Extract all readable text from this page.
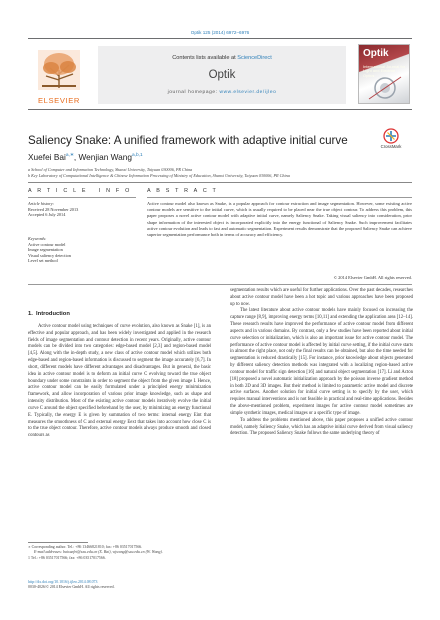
Optik 125 (2014) 6972–6976
ELSEVIER
Contents lists available at ScienceDirect
Optik
journal homepage: www.elsevier.de/ijleo
Optik
International Journal for Light and Electron Optics
Saliency Snake: A unified framework with adaptive initial curve	CrossMark
Xuefei Bai$^{a,∗}$, Wenjian Wang$^{a,b,1}$
a School of Computer and Information Technology, Shanxi University, Taiyuan 030006, PR China
b Key Laboratory of Computational Intelligence & Chinese Information Processing of Ministry of Education, Shanxi University, Taiyuan 030006, PR China
A R T I C L E   I N F O	A B S T R A C T
Article history:
Received 28 November 2013
Accepted 6 July 2014
Keywords:
Active contour model
Image segmentation
Visual saliency detection
Level set method
Active contour model also known as Snake, is a popular approach for contour extraction and image segmentation. However, some existing active contour models are sensitive to the initial curve, which is usually required to be placed near the true object contour. To address this problem, this paper proposes a novel active contour model with adaptive initial curve, namely Saliency Snake. Taking visual saliency into consideration, prior shape information of the interested object is incorporated explicitly into the energy functional of Saliency Snake. Such improvement facilitates active contour evolution and leads to fast and automatic segmentation. Experiment results demonstrate that the proposed Saliency Snake can achieve superior segmentation performance both in terms of accuracy and efficiency.
© 2014 Elsevier GmbH. All rights reserved.
1.  Introduction
Active contour model using techniques of curve evolution, also known as Snake [1], is an effective and popular approach, and has been widely investigated and applied in the research fields of image segmentation and contour detection in recent years. Originally, active contour models can be divided into two categories: edge-based model [2,3] and region-based model [4,5]. Along with the in-depth study, a new class of active contour model which utilizes both edge-based and region-based information is discussed to segment the image accurately [6,7]. In short, different models have different advantages and disadvantages. But in general, the basic idea in active contour model is to deform an initial curve C evolving toward the true object boundary under some constraints in order to segment the object from the given image I. Hence, active contour model can be easily formulated under a principled energy minimization framework, and allow incorporation of various prior image knowledge, such as shape and intensity distribution. Most of the existing active contour models iteratively evolve the initial curve C around the object specified beforehand by the user, by minimizing an energy functional E. Typically, the energy E is given by summation of two terms: internal energy Eint that measures the smoothness of C and external energy Eext that takes into account how close C is to the true object contour. Therefore, active contour models always produce smooth and closed contours as
segmentation results which are useful for further applications. Over the past decades, researches about active contour model have been a hot topic and various approaches have been proposed up to now.
The latest literature about active contour models have mainly focused on increasing the capture range [8,9], improving energy terms [10,11] and extending the application area [12–14]. These research results have improved the performance of active contour model from different aspects and in various domains. By contrast, only a few studies have been reported about initial curve selection or initialization, which is also an important issue for active contour model. The performance of active contour model is affected by initial curve setting, if the initial curve starts in almost the right place, not only the final results can be obtained, but also the time needed for segmentation is reduced drastically [15]. For instance, prior knowledge about objects generated by different saliency detection methods was integrated with a localizing region-based active contour model for traffic sign detection [16] and natural object segmentation [17]. Li and Acton [18] proposed a novel automatic initialization approach by the poisson inverse gradient method in both 2D and 3D images. But their method is limited to parametric active model and discrete active surfaces. Another solution for initial curve setting is to specify by the user, which requires manual interventions and is not feasible in practical and real-time applications. Besides the above-mentioned problem, experiment images for active contour model sometimes are simple synthetic images, medical images or a specific type of image.
To address the problems mentioned above, this paper proposes a unified active contour model, namely Saliency Snake, which has an adaptive initial curve derived from visual saliency detection. The proposed Saliency Snake follows the same underlying theory of
∗ Corresponding author. Tel.: +86 13466821810; fax: +86 03517017566.
E-mail addresses: baixuefei@sxu.edu.cn (X. Bai), wjwang@sxu.edu.cn (W. Wang).
1 Tel.: +86 03517017566; fax: +86 03517017566.
http://dx.doi.org/10.1016/j.ijleo.2014.08.073
0030-4026/© 2014 Elsevier GmbH. All rights reserved.
